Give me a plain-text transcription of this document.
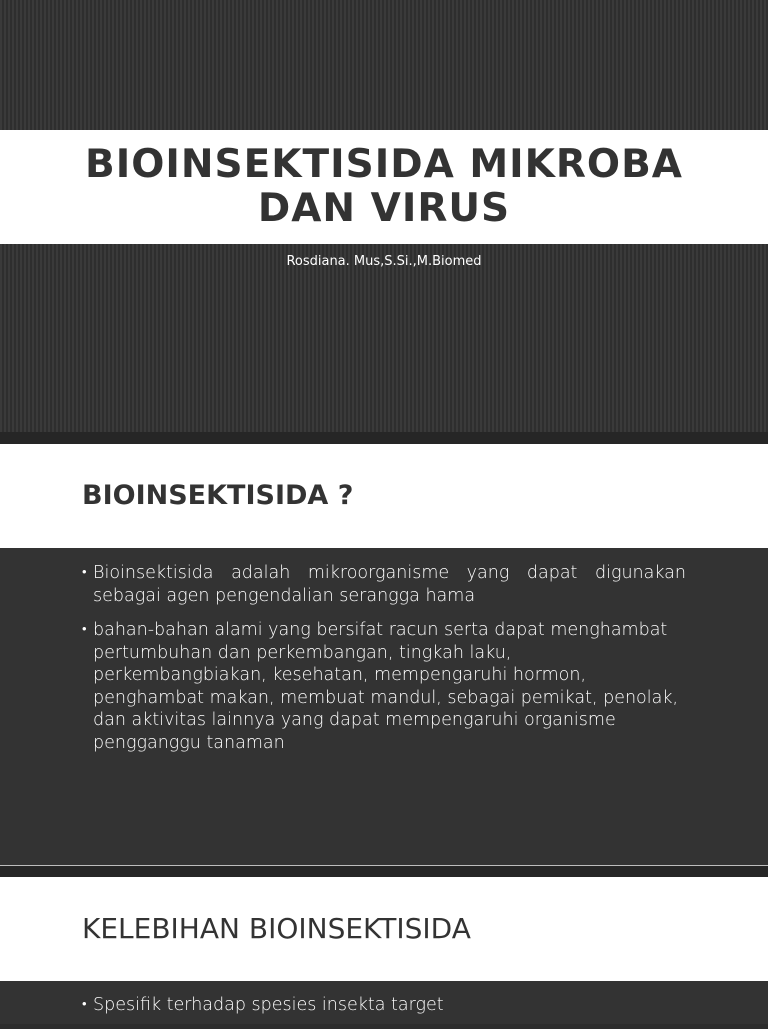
BIOINSEKTISIDA MIKROBA
DAN VIRUS
Rosdiana. Mus,S.Si.,M.Biomed
BIOINSEKTISIDA ?
• Bioinsektisida adalah mikroorganisme yang dapat digunakan sebagai agen pengendalian serangga hama
• bahan-bahan alami yang bersifat racun serta dapat menghambat pertumbuhan dan perkembangan, tingkah laku, perkembangbiakan, kesehatan, mempengaruhi hormon, penghambat makan, membuat mandul, sebagai pemikat, penolak, dan aktivitas lainnya yang dapat mempengaruhi organisme pengganggu tanaman
KELEBIHAN BIOINSEKTISIDA
• Spesifik terhadap spesies insekta target
